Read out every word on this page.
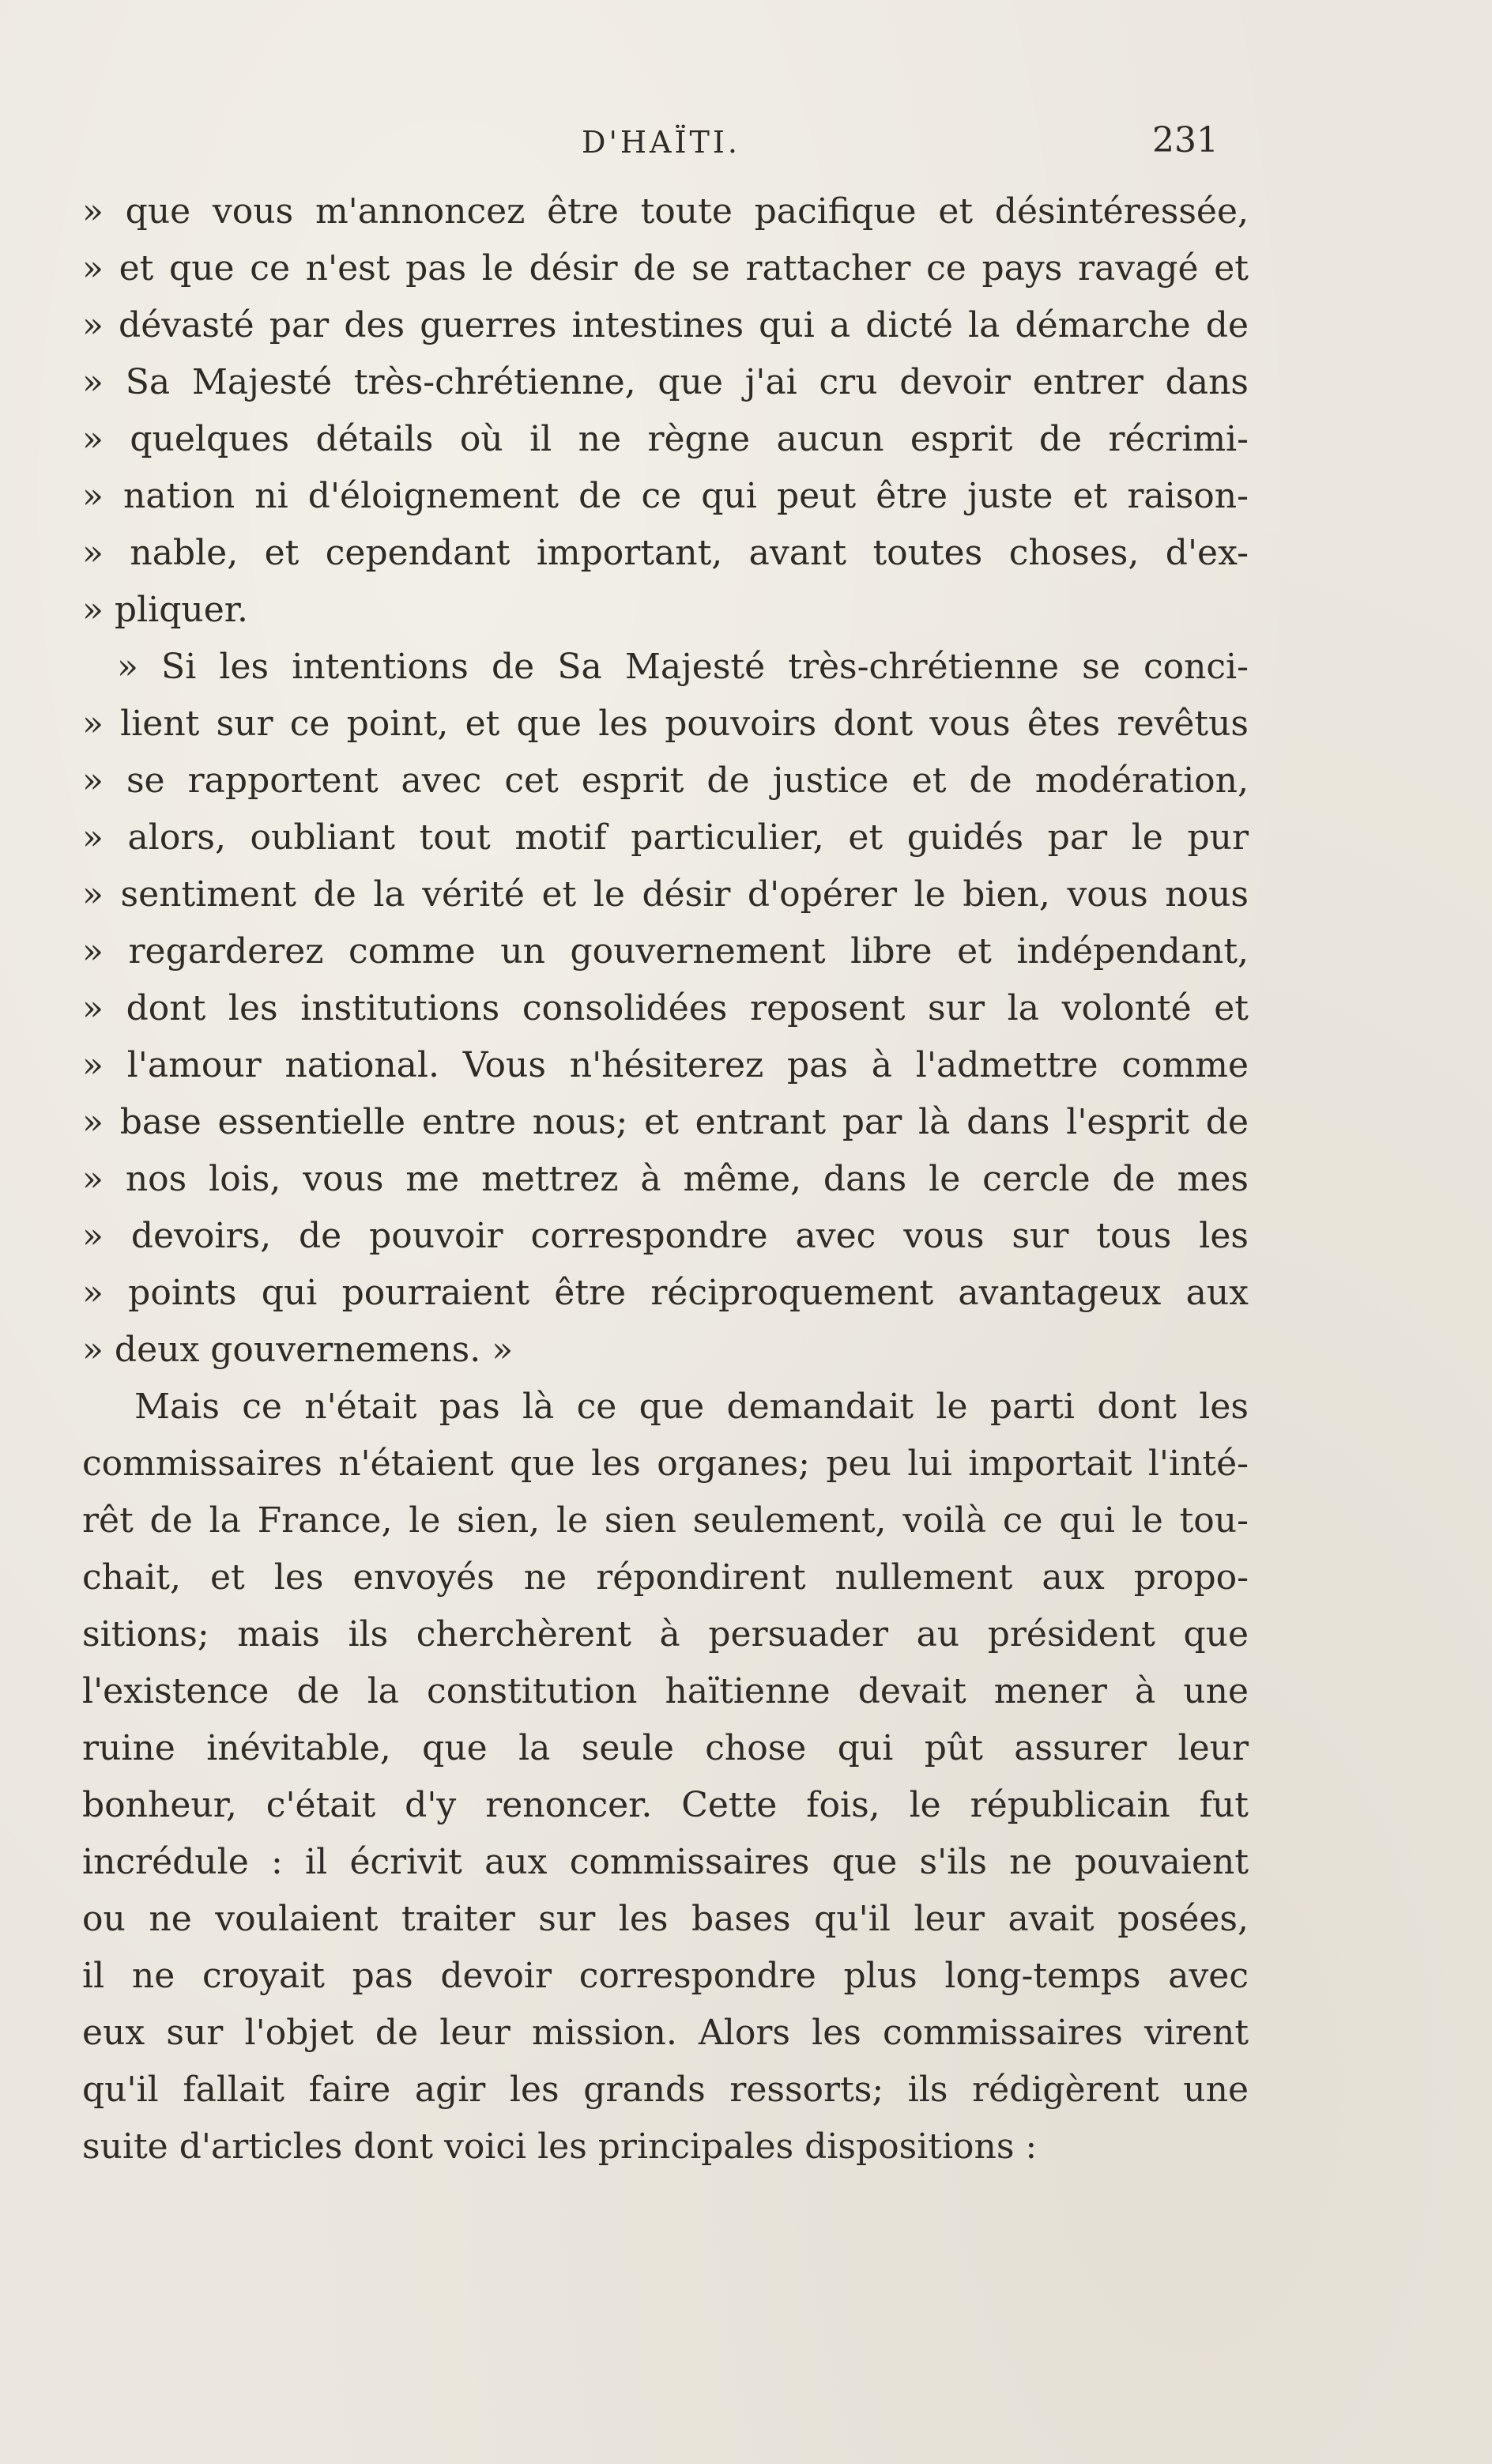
D'HAÏTI.	231
» que vous m'annoncez être toute pacifique et désintéressée,
» et que ce n'est pas le désir de se rattacher ce pays ravagé et
» dévasté par des guerres intestines qui a dicté la démarche de
» Sa Majesté très-chrétienne, que j'ai cru devoir entrer dans
» quelques détails où il ne règne aucun esprit de récrimi-
» nation ni d'éloignement de ce qui peut être juste et raison-
» nable, et cependant important, avant toutes choses, d'ex-
» pliquer.
» Si les intentions de Sa Majesté très-chrétienne se conci-
» lient sur ce point, et que les pouvoirs dont vous êtes revêtus
» se rapportent avec cet esprit de justice et de modération,
» alors, oubliant tout motif particulier, et guidés par le pur
» sentiment de la vérité et le désir d'opérer le bien, vous nous
» regarderez comme un gouvernement libre et indépendant,
» dont les institutions consolidées reposent sur la volonté et
» l'amour national. Vous n'hésiterez pas à l'admettre comme
» base essentielle entre nous; et entrant par là dans l'esprit de
» nos lois, vous me mettrez à même, dans le cercle de mes
» devoirs, de pouvoir correspondre avec vous sur tous les
» points qui pourraient être réciproquement avantageux aux
» deux gouvernemens. »
Mais ce n'était pas là ce que demandait le parti dont les
commissaires n'étaient que les organes; peu lui importait l'inté-
rêt de la France, le sien, le sien seulement, voilà ce qui le tou-
chait, et les envoyés ne répondirent nullement aux propo-
sitions; mais ils cherchèrent à persuader au président que
l'existence de la constitution haïtienne devait mener à une
ruine inévitable, que la seule chose qui pût assurer leur
bonheur, c'était d'y renoncer. Cette fois, le républicain fut
incrédule : il écrivit aux commissaires que s'ils ne pouvaient
ou ne voulaient traiter sur les bases qu'il leur avait posées,
il ne croyait pas devoir correspondre plus long-temps avec
eux sur l'objet de leur mission. Alors les commissaires virent
qu'il fallait faire agir les grands ressorts; ils rédigèrent une
suite d'articles dont voici les principales dispositions :
